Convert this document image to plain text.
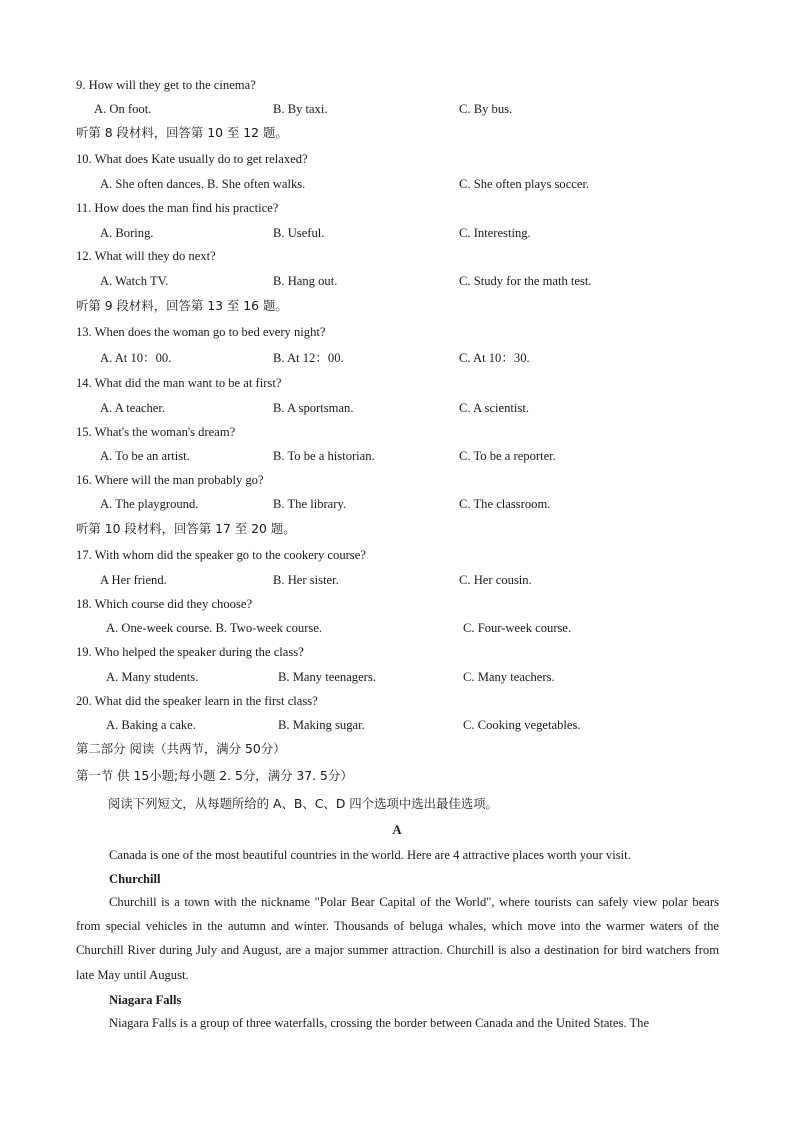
9. How will they get to the cinema?
A. On foot.	B. By taxi.	C. By bus.
听第 8 段材料，回答第 10 至 12 题。
10. What does Kate usually do to get relaxed?
A. She often dances. B. She often walks.	C. She often plays soccer.
11. How does the man find his practice?
A. Boring.	B. Useful.	C. Interesting.
12. What will they do next?
A. Watch TV.	B. Hang out.	C. Study for the math test.
听第 9 段材料，回答第 13 至 16 题。
13. When does the woman go to bed every night?
A. At 10：00.	B. At 12：00.	C. At 10：30.
14. What did the man want to be at first?
A. A teacher.	B. A sportsman.	C. A scientist.
15. What's the woman's dream?
A. To be an artist.	B. To be a historian.	C. To be a reporter.
16. Where will the man probably go?
A. The playground.	B. The library.	C. The classroom.
听第 10 段材料，回答第 17 至 20 题。
17. With whom did the speaker go to the cookery course?
A Her friend.	B. Her sister.	C. Her cousin.
18. Which course did they choose?
A. One-week course. B. Two-week course.	C. Four-week course.
19. Who helped the speaker during the class?
A. Many students.	B. Many teenagers.	C. Many teachers.
20. What did the speaker learn in the first class?
A. Baking a cake.	B. Making sugar.	C. Cooking vegetables.
第二部分 阅读（共两节，满分 50分）
第一节 供 15小题;每小题 2. 5分，满分 37. 5分）
阅读下列短文，从每题所给的 A、B、C、D 四个选项中选出最佳选项。
A
Canada is one of the most beautiful countries in the world. Here are 4 attractive places worth your visit.
Churchill

Churchill is a town with the nickname "Polar Bear Capital of the World", where tourists can safely view polar bears from special vehicles in the autumn and winter. Thousands of beluga whales, which move into the warmer waters of the Churchill River during July and August, are a major summer attraction. Churchill is also a destination for bird watchers from late May until August.

Niagara Falls

Niagara Falls is a group of three waterfalls, crossing the border between Canada and the United States. The
